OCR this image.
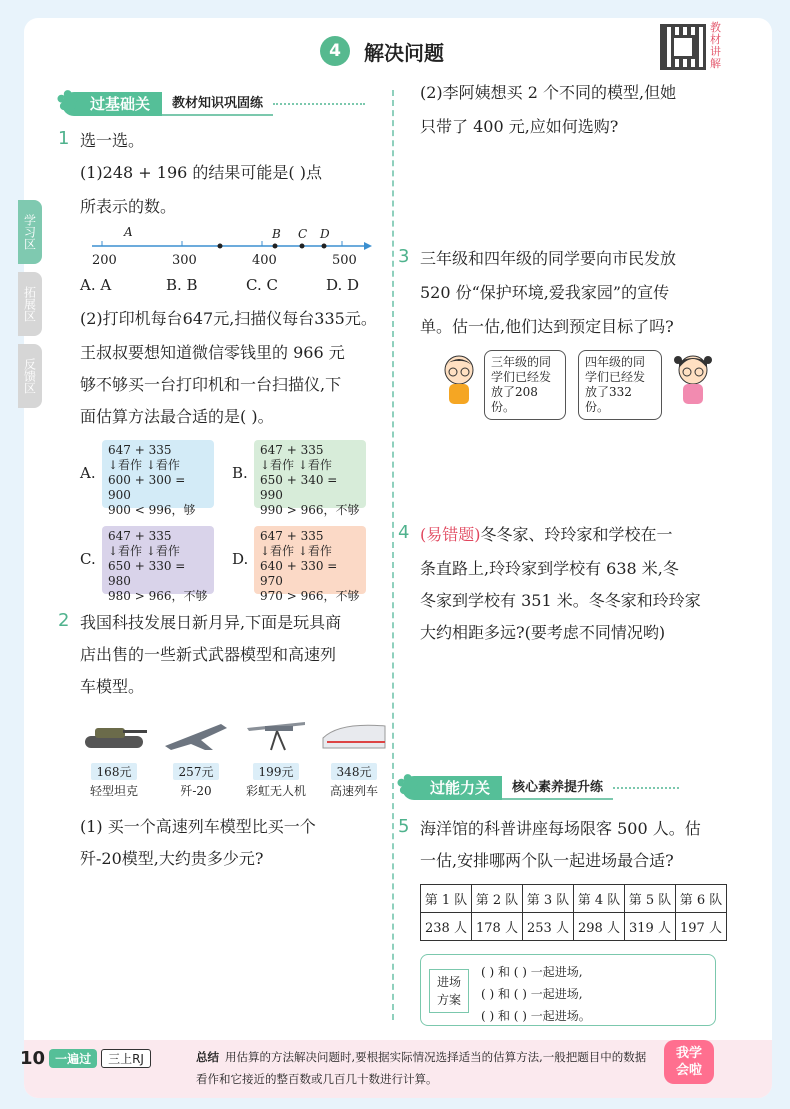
学习区
拓展区
反馈区
4	解决问题
教材讲解
✿ 过基础关	教材知识巩固练
1 选一选。
(1)248 + 196 的结果可能是( )点
所表示的数。
A	B C D
200	300	400	500
A. A	B. B	C. C	D. D
(2)打印机每台647元,扫描仪每台335元。
王叔叔要想知道微信零钱里的 966 元
够不够买一台打印机和一台扫描仪,下
面估算方法最合适的是( )。
A.
647 + 335
↓看作 ↓看作
600 + 300 = 900
900 < 996，够
B.
647 + 335
↓看作 ↓看作
650 + 340 = 990
990 > 966，不够
C.
647 + 335
↓看作 ↓看作
650 + 330 = 980
980 > 966，不够
D.
647 + 335
↓看作 ↓看作
640 + 330 = 970
970 > 966，不够
2 我国科技发展日新月异,下面是玩具商
店出售的一些新式武器模型和高速列
车模型。
168元
轻型坦克
257元
歼-20
199元
彩虹无人机
348元
高速列车
(1) 买一个高速列车模型比买一个
歼-20模型,大约贵多少元?
(2)李阿姨想买 2 个不同的模型,但她
只带了 400 元,应如何选购?
3 三年级和四年级的同学要向市民发放
520 份“保护环境,爱我家园”的宣传
单。估一估,他们达到预定目标了吗?
三年级的同
学们已经发
放了208份。
四年级的同
学们已经发
放了332份。
4 (易错题)冬冬家、玲玲家和学校在一
条直路上,玲玲家到学校有 638 米,冬
冬家到学校有 351 米。冬冬家和玲玲家
大约相距多远?(要考虑不同情况哟)
✿ 过能力关	核心素养提升练
5 海洋馆的科普讲座每场限客 500 人。估
一估,安排哪两个队一起进场最合适?
第 1 队	第 2 队	第 3 队	第 4 队	第 5 队	第 6 队
238 人	178 人	253 人	298 人	319 人	197 人
进场
方案
( ) 和 ( ) 一起进场,
( ) 和 ( ) 一起进场,
( ) 和 ( ) 一起进场。
10 一遍过	三上RJ	总结 用估算的方法解决问题时,要根据实际情况选择适当的估算方法,一般把题目中的数据看作和它接近的整百数或几百几十数进行计算。
我学
会啦
